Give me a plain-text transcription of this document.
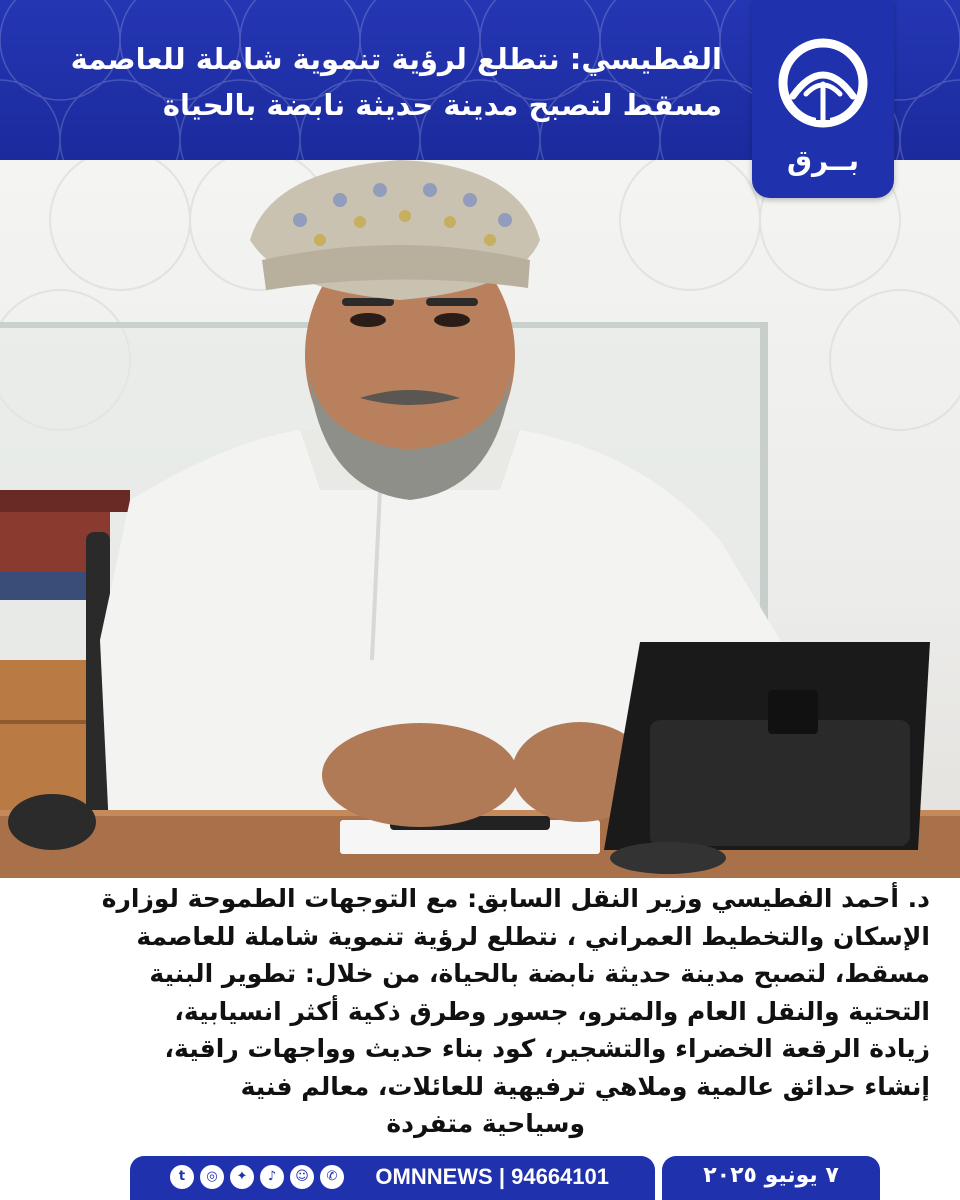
الفطيسي: نتطلع لرؤية تنموية شاملة للعاصمة
مسقط لتصبح مدينة حديثة نابضة بالحياة
بــرق
د. أحمد الفطيسي وزير النقل السابق: مع التوجهات الطموحة لوزارة
الإسكان والتخطيط العمراني ، نتطلع لرؤية تنموية شاملة للعاصمة
مسقط، لتصبح مدينة حديثة نابضة بالحياة، من خلال: تطوير البنية
التحتية والنقل العام والمترو، جسور وطرق ذكية أكثر انسيابية،
زيادة الرقعة الخضراء والتشجير، كود بناء حديث وواجهات راقية،
إنشاء حدائق عالمية وملاهي ترفيهية للعائلات، معالم فنية
وسياحية متفردة
t	◎	✦	♪	☺	✆ OMNNEWS | 94664101	٧ يونيو ٢٠٢٥
